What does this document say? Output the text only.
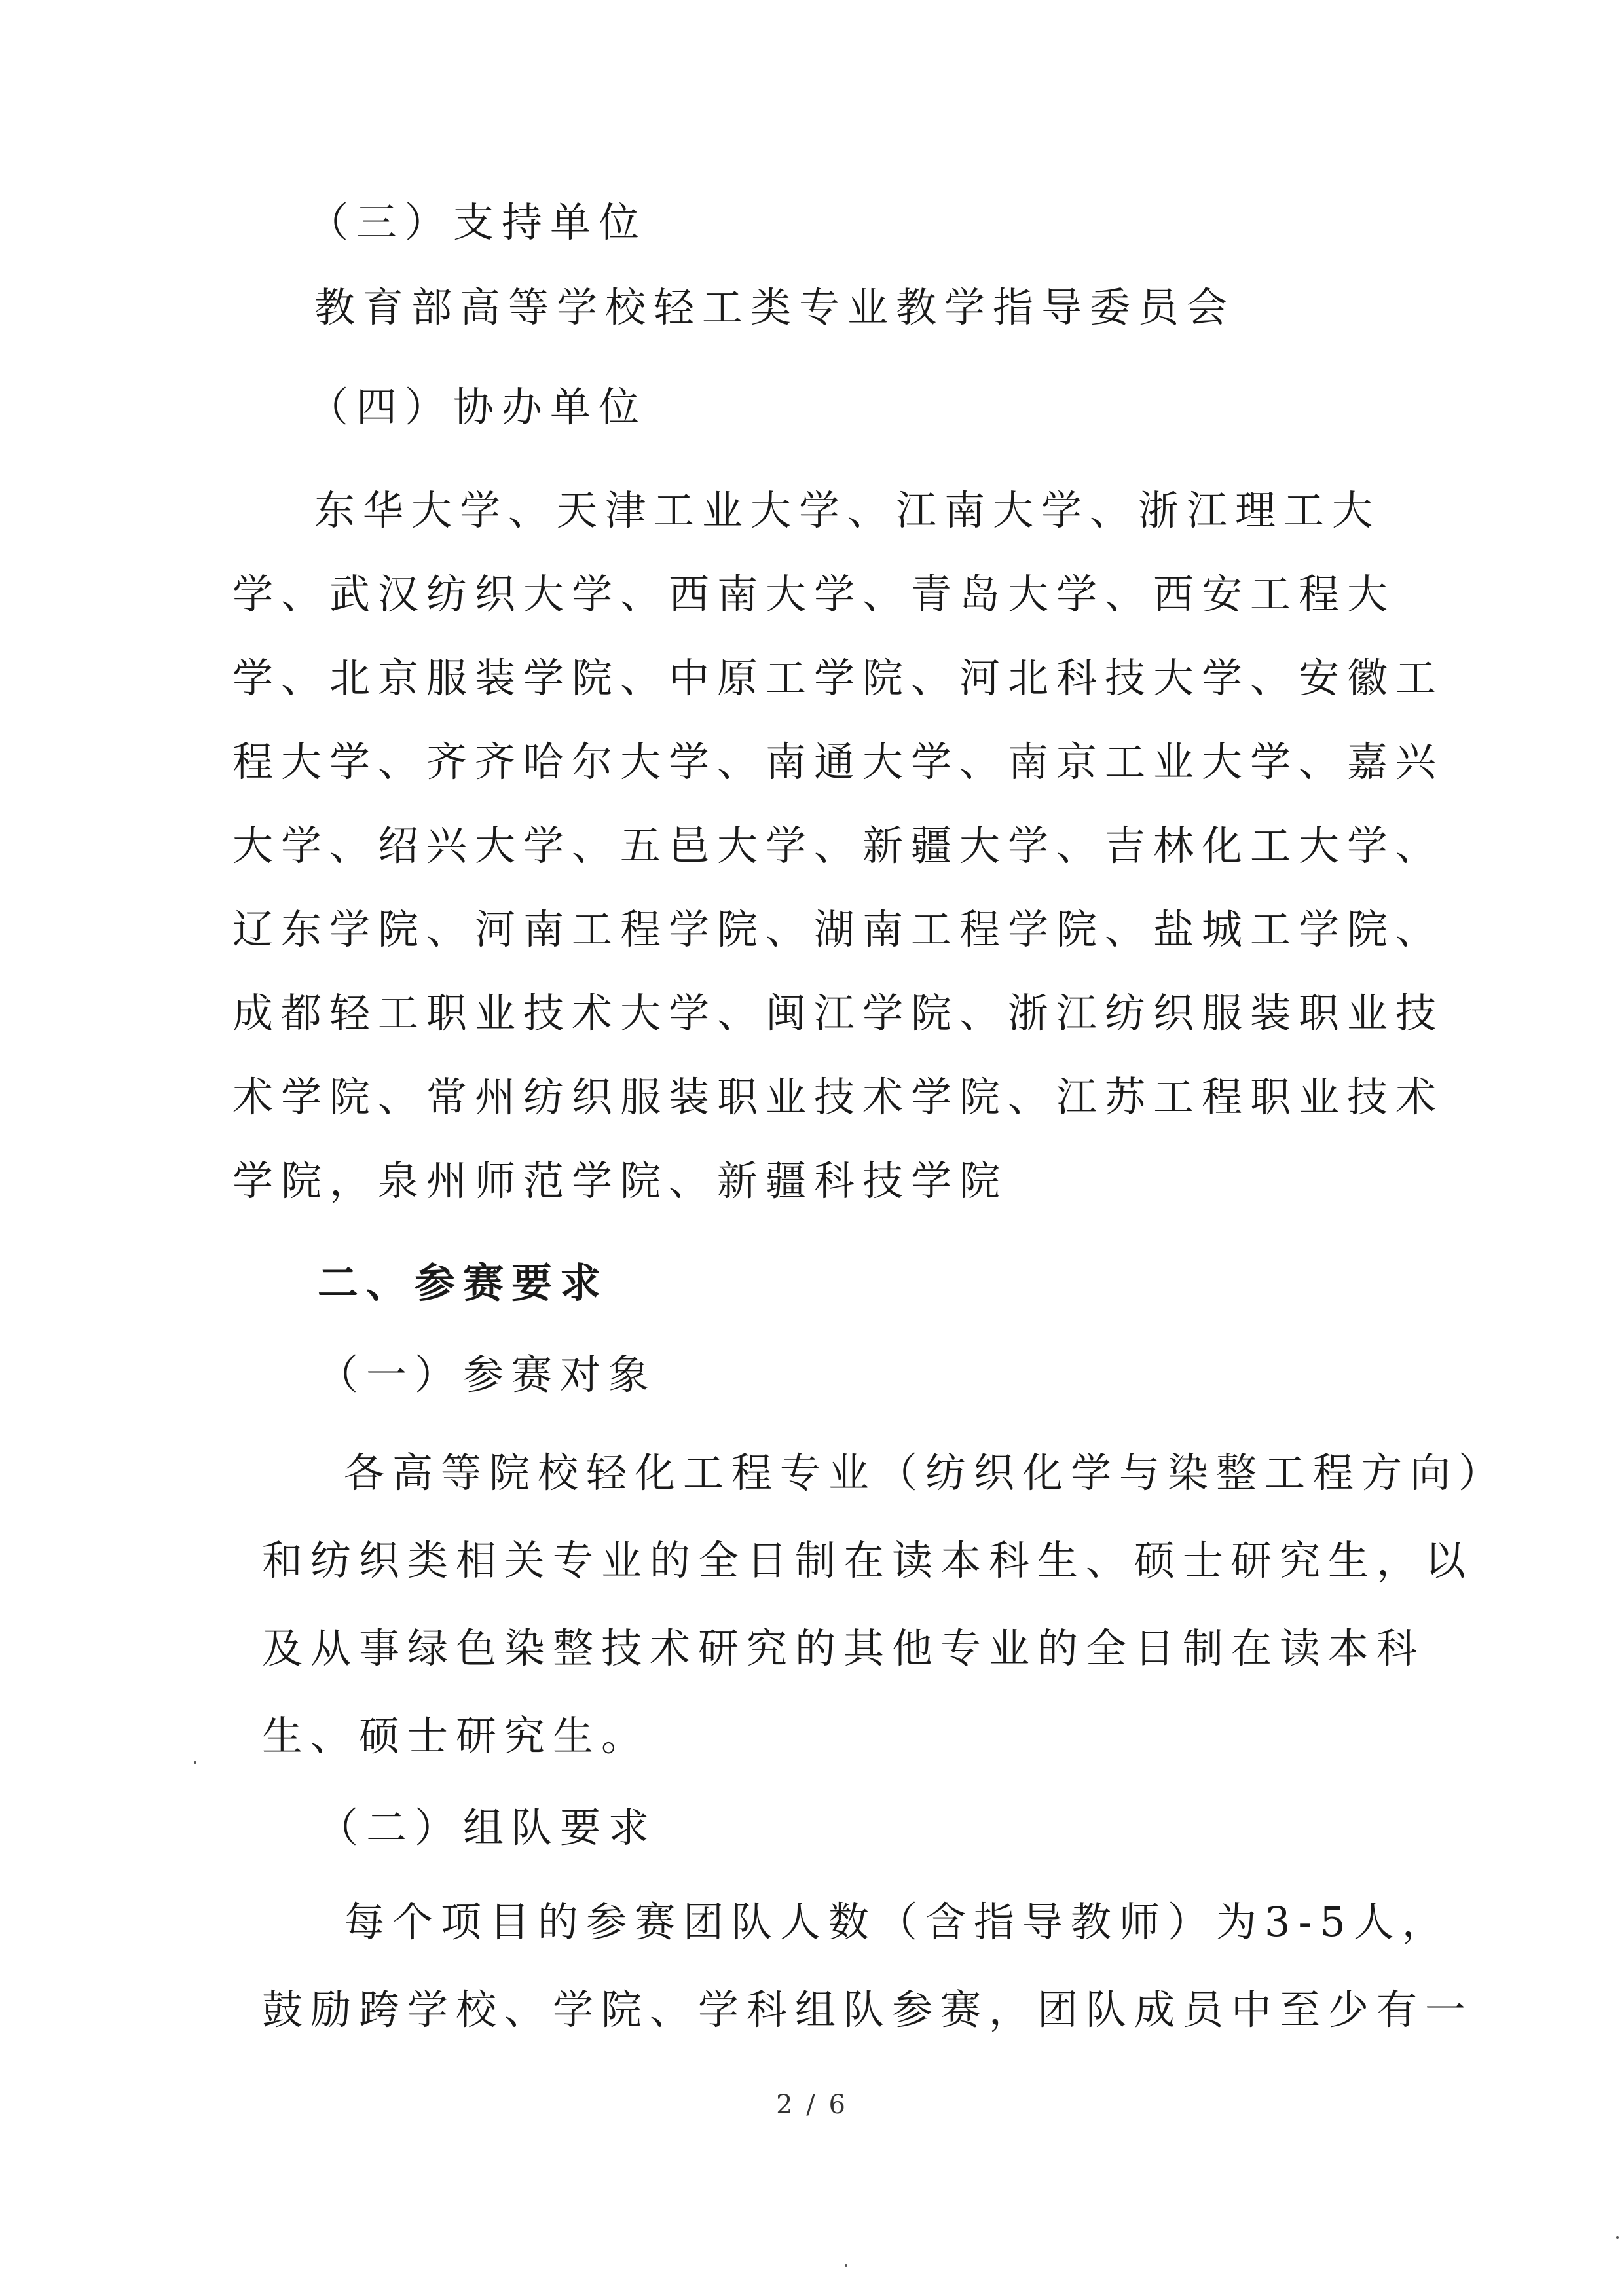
（三）支持单位
教育部高等学校轻工类专业教学指导委员会
（四）协办单位
东华大学、天津工业大学、江南大学、浙江理工大
学、武汉纺织大学、西南大学、青岛大学、西安工程大
学、北京服装学院、中原工学院、河北科技大学、安徽工
程大学、齐齐哈尔大学、南通大学、南京工业大学、嘉兴
大学、绍兴大学、五邑大学、新疆大学、吉林化工大学、
辽东学院、河南工程学院、湖南工程学院、盐城工学院、
成都轻工职业技术大学、闽江学院、浙江纺织服装职业技
术学院、常州纺织服装职业技术学院、江苏工程职业技术
学院，泉州师范学院、新疆科技学院
二、参赛要求
（一）参赛对象
各高等院校轻化工程专业（纺织化学与染整工程方向）
和纺织类相关专业的全日制在读本科生、硕士研究生，以
及从事绿色染整技术研究的其他专业的全日制在读本科
生、硕士研究生。
（二）组队要求
每个项目的参赛团队人数（含指导教师）为3-5人，
鼓励跨学校、学院、学科组队参赛，团队成员中至少有一
2 / 6
